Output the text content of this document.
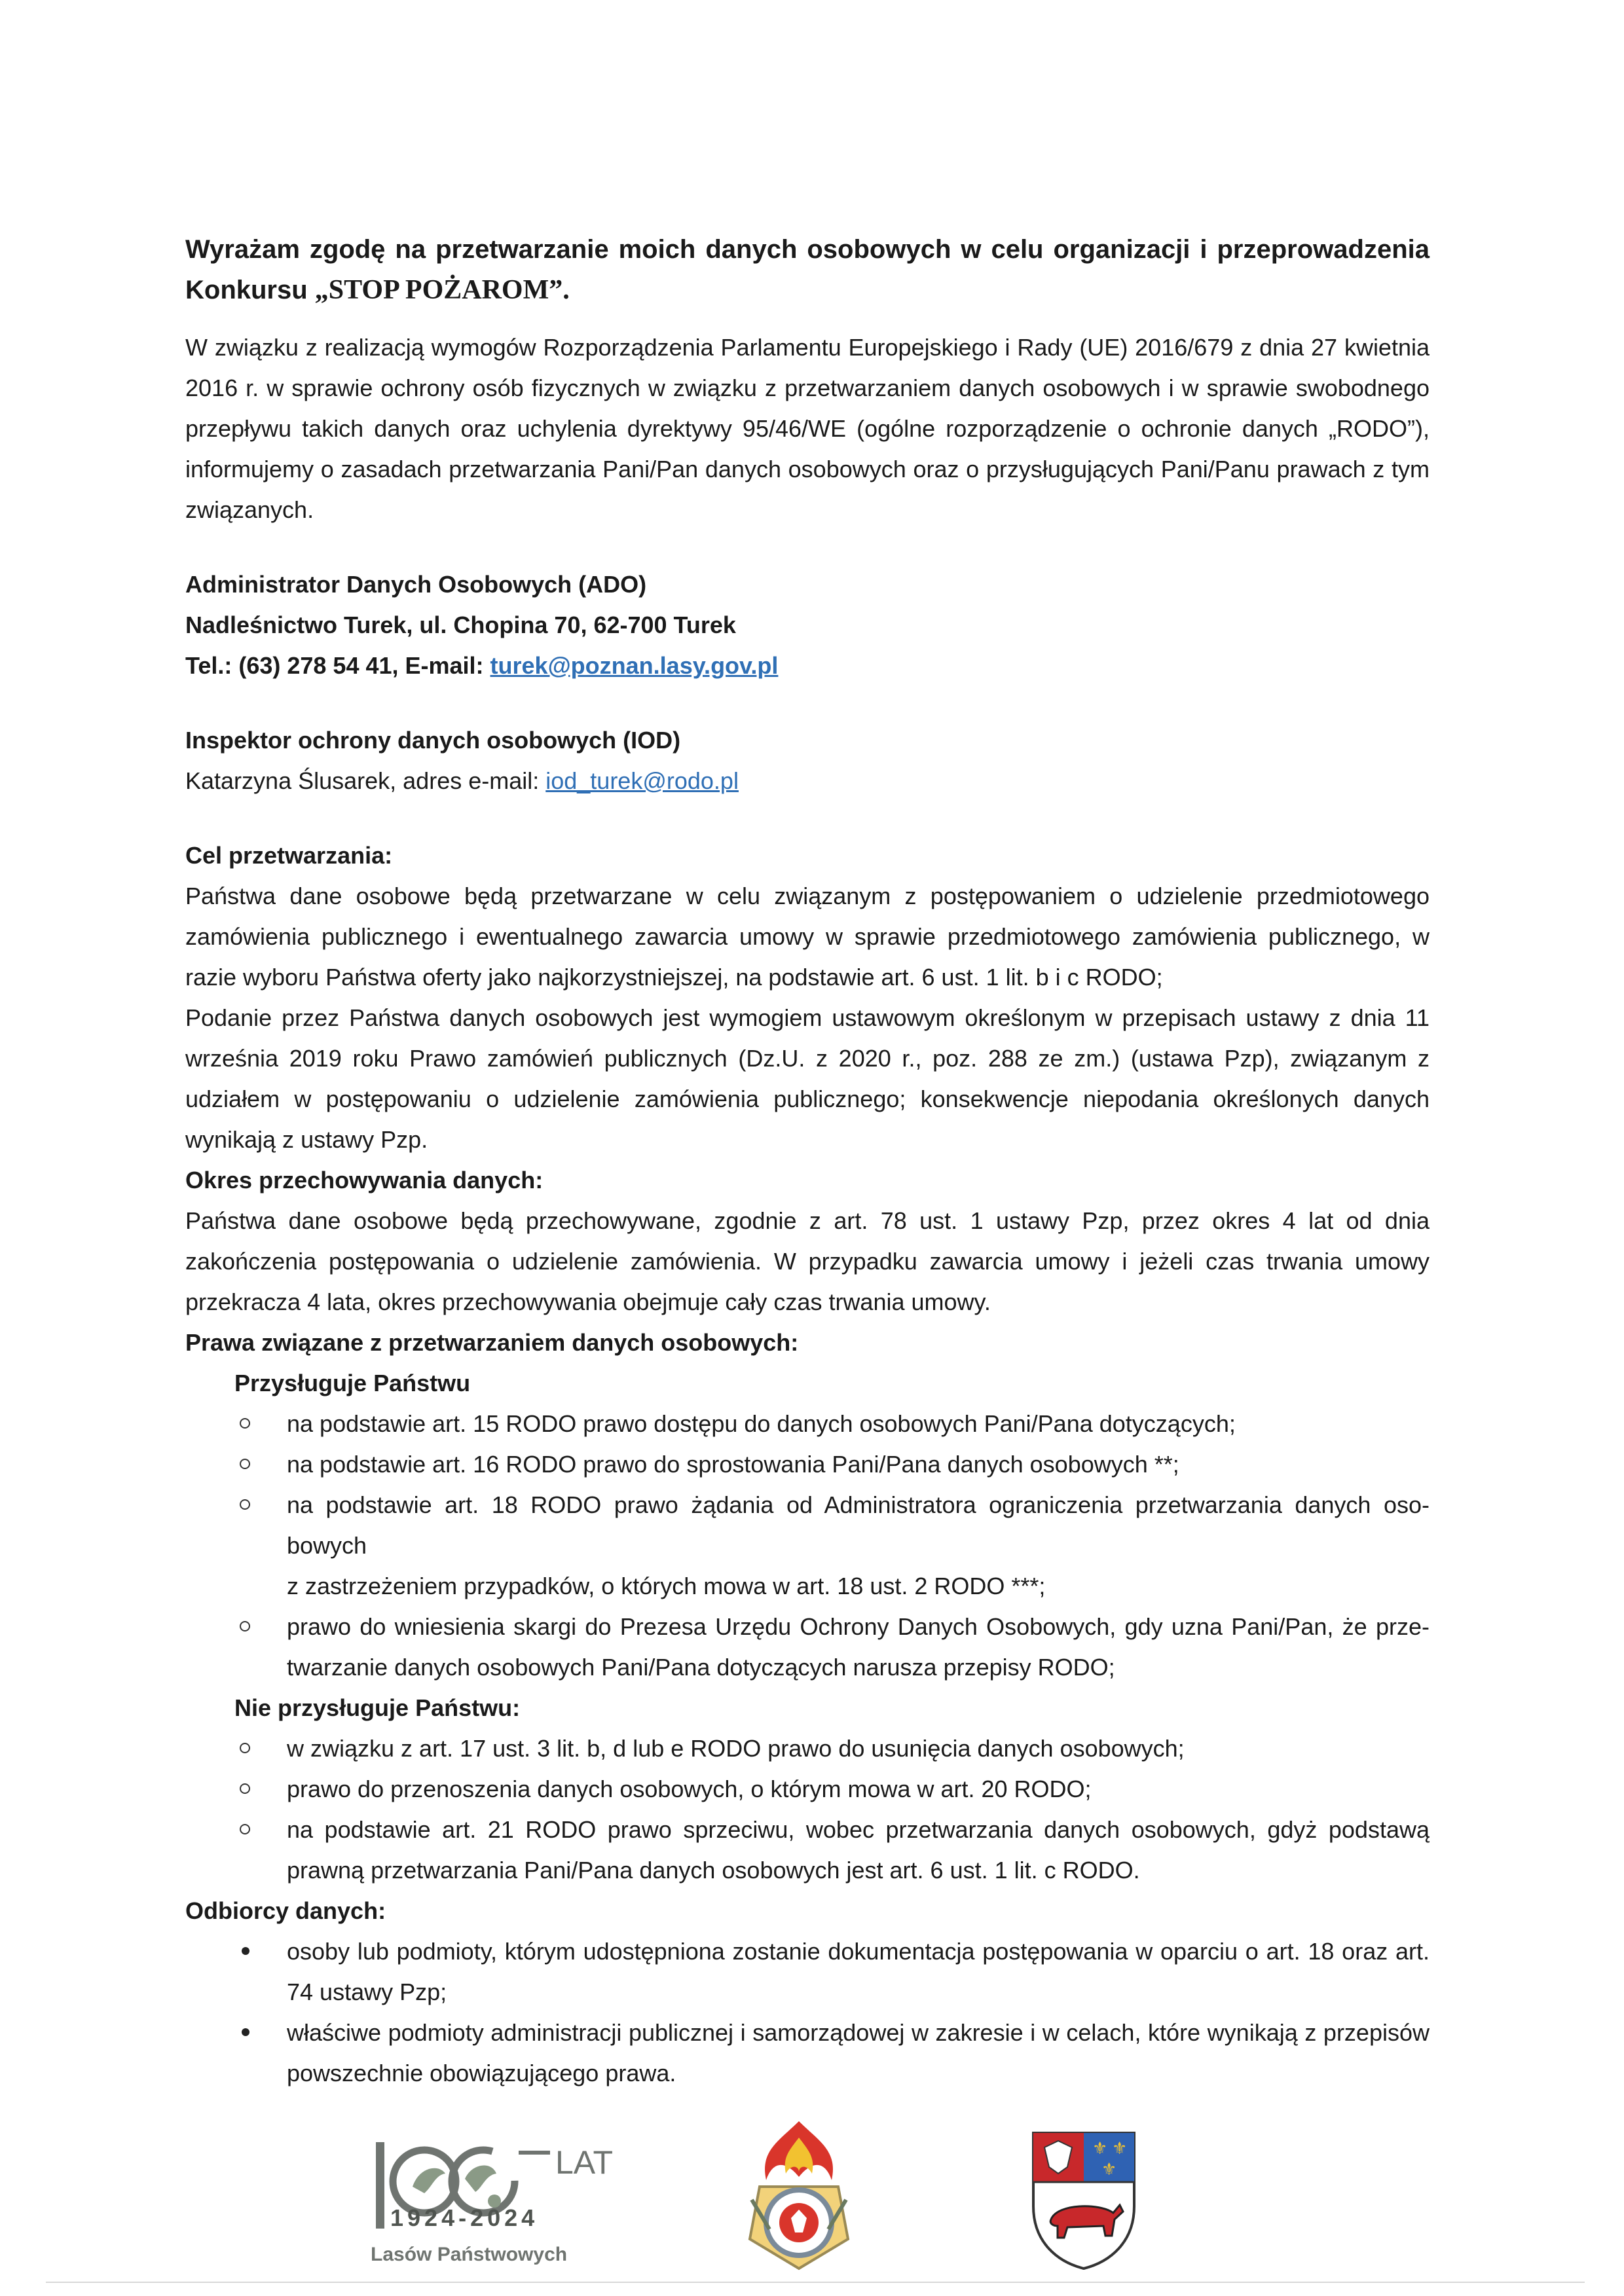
Wyrażam zgodę na przetwarzanie moich danych osobowych w celu organizacji i przeprowadzenia
Konkursu „STOP POŻAROM”.

W związku z realizacją wymogów Rozporządzenia Parlamentu Europejskiego i Rady (UE) 2016/679 z dnia 27 kwietnia 2016 r. w sprawie ochrony osób fizycznych w związku z przetwarzaniem danych osobowych i w sprawie swobodnego przepływu takich danych oraz uchylenia dyrektywy 95/46/WE (ogólne rozporządzenie o ochronie danych „RODO”), informujemy o zasadach przetwarzania Pani/Pan danych osobowych oraz o przysługujących Pani/Panu prawach z tym związanych.

Administrator Danych Osobowych (ADO)
Nadleśnictwo Turek, ul. Chopina 70, 62-700 Turek
Tel.: (63) 278 54 41, E-mail: turek@poznan.lasy.gov.pl
Inspektor ochrony danych osobowych (IOD)
Katarzyna Ślusarek, adres e-mail: iod_turek@rodo.pl
Cel przetwarzania:

Państwa dane osobowe będą przetwarzane w celu związanym z postępowaniem o udzielenie przedmiotowego zamówienia publicznego i ewentualnego zawarcia umowy w sprawie przedmiotowego zamówienia publicznego, w razie wyboru Państwa oferty jako najkorzystniejszej, na podstawie art. 6 ust. 1 lit. b i c RODO;

Podanie przez Państwa danych osobowych jest wymogiem ustawowym określonym w przepisach ustawy z dnia 11 września 2019 roku Prawo zamówień publicznych (Dz.U. z 2020 r., poz. 288 ze zm.) (ustawa Pzp), związanym z udziałem w postępowaniu o udzielenie zamówienia publicznego; konsekwencje niepodania określonych danych wynikają z ustawy Pzp.

Okres przechowywania danych:

Państwa dane osobowe będą przechowywane, zgodnie z art. 78 ust. 1 ustawy Pzp, przez okres 4 lat od dnia zakończenia postępowania o udzielenie zamówienia. W przypadku zawarcia umowy i jeżeli czas trwania umowy przekracza 4 lata, okres przechowywania obejmuje cały czas trwania umowy.

Prawa związane z przetwarzaniem danych osobowych:
Przysługuje Państwu
na podstawie art. 15 RODO prawo dostępu do danych osobowych Pani/Pana dotyczących;
na podstawie art. 16 RODO prawo do sprostowania Pani/Pana danych osobowych **;
na podstawie art. 18 RODO prawo żądania od Administratora ograniczenia przetwarzania danych oso-bowych
z zastrzeżeniem przypadków, o których mowa w art. 18 ust. 2 RODO ***;
prawo do wniesienia skargi do Prezesa Urzędu Ochrony Danych Osobowych, gdy uzna Pani/Pan, że prze-twarzanie danych osobowych Pani/Pana dotyczących narusza przepisy RODO;
Nie przysługuje Państwu:
w związku z art. 17 ust. 3 lit. b, d lub e RODO prawo do usunięcia danych osobowych;
prawo do przenoszenia danych osobowych, o którym mowa w art. 20 RODO;
na podstawie art. 21 RODO prawo sprzeciwu, wobec przetwarzania danych osobowych, gdyż podstawą prawną przetwarzania Pani/Pana danych osobowych jest art. 6 ust. 1 lit. c RODO.
Odbiorcy danych:
osoby lub podmioty, którym udostępniona zostanie dokumentacja postępowania w oparciu o art. 18 oraz art. 74 ustawy Pzp;
właściwe podmioty administracji publicznej i samorządowej w zakresie i w celach, które wynikają z przepisów powszechnie obowiązującego prawa.
LAT
1924-2024
Lasów Państwowych
⚜ ⚜
⚜
